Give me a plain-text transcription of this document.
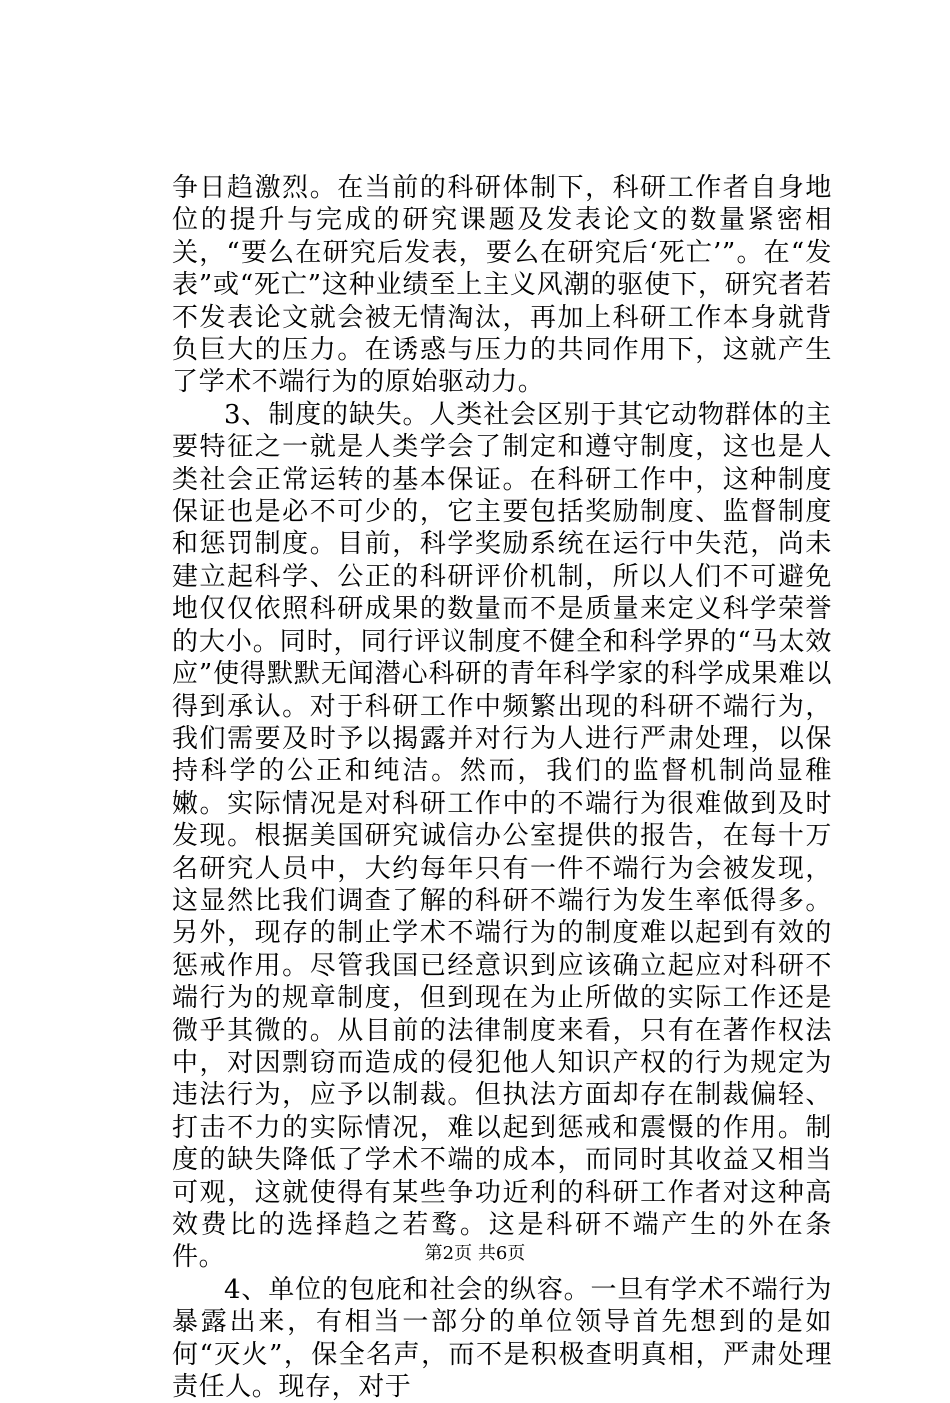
争日趋激烈。在当前的科研体制下，科研工作者自身地位的提升与完成的研究课题及发表论文的数量紧密相关，“要么在研究后发表，要么在研究后‘死亡’”。在“发表”或“死亡”这种业绩至上主义风潮的驱使下，研究者若不发表论文就会被无情淘汰，再加上科研工作本身就背负巨大的压力。在诱惑与压力的共同作用下，这就产生了学术不端行为的原始驱动力。

3、制度的缺失。人类社会区别于其它动物群体的主要特征之一就是人类学会了制定和遵守制度，这也是人类社会正常运转的基本保证。在科研工作中，这种制度保证也是必不可少的，它主要包括奖励制度、监督制度和惩罚制度。目前，科学奖励系统在运行中失范，尚未建立起科学、公正的科研评价机制，所以人们不可避免地仅仅依照科研成果的数量而不是质量来定义科学荣誉的大小。同时，同行评议制度不健全和科学界的“马太效应”使得默默无闻潜心科研的青年科学家的科学成果难以得到承认。对于科研工作中频繁出现的科研不端行为，我们需要及时予以揭露并对行为人进行严肃处理，以保持科学的公正和纯洁。然而，我们的监督机制尚显稚嫩。实际情况是对科研工作中的不端行为很难做到及时发现。根据美国研究诚信办公室提供的报告，在每十万名研究人员中，大约每年只有一件不端行为会被发现，这显然比我们调查了解的科研不端行为发生率低得多。另外，现存的制止学术不端行为的制度难以起到有效的惩戒作用。尽管我国已经意识到应该确立起应对科研不端行为的规章制度，但到现在为止所做的实际工作还是微乎其微的。从目前的法律制度来看，只有在著作权法中，对因剽窃而造成的侵犯他人知识产权的行为规定为违法行为，应予以制裁。但执法方面却存在制裁偏轻、打击不力的实际情况，难以起到惩戒和震慑的作用。制度的缺失降低了学术不端的成本，而同时其收益又相当可观，这就使得有某些争功近利的科研工作者对这种高效费比的选择趋之若鹜。这是科研不端产生的外在条件。

4、单位的包庇和社会的纵容。一旦有学术不端行为暴露出来，有相当一部分的单位领导首先想到的是如何“灭火”，保全名声，而不是积极查明真相，严肃处理责任人。现存，对于

第2页 共6页
